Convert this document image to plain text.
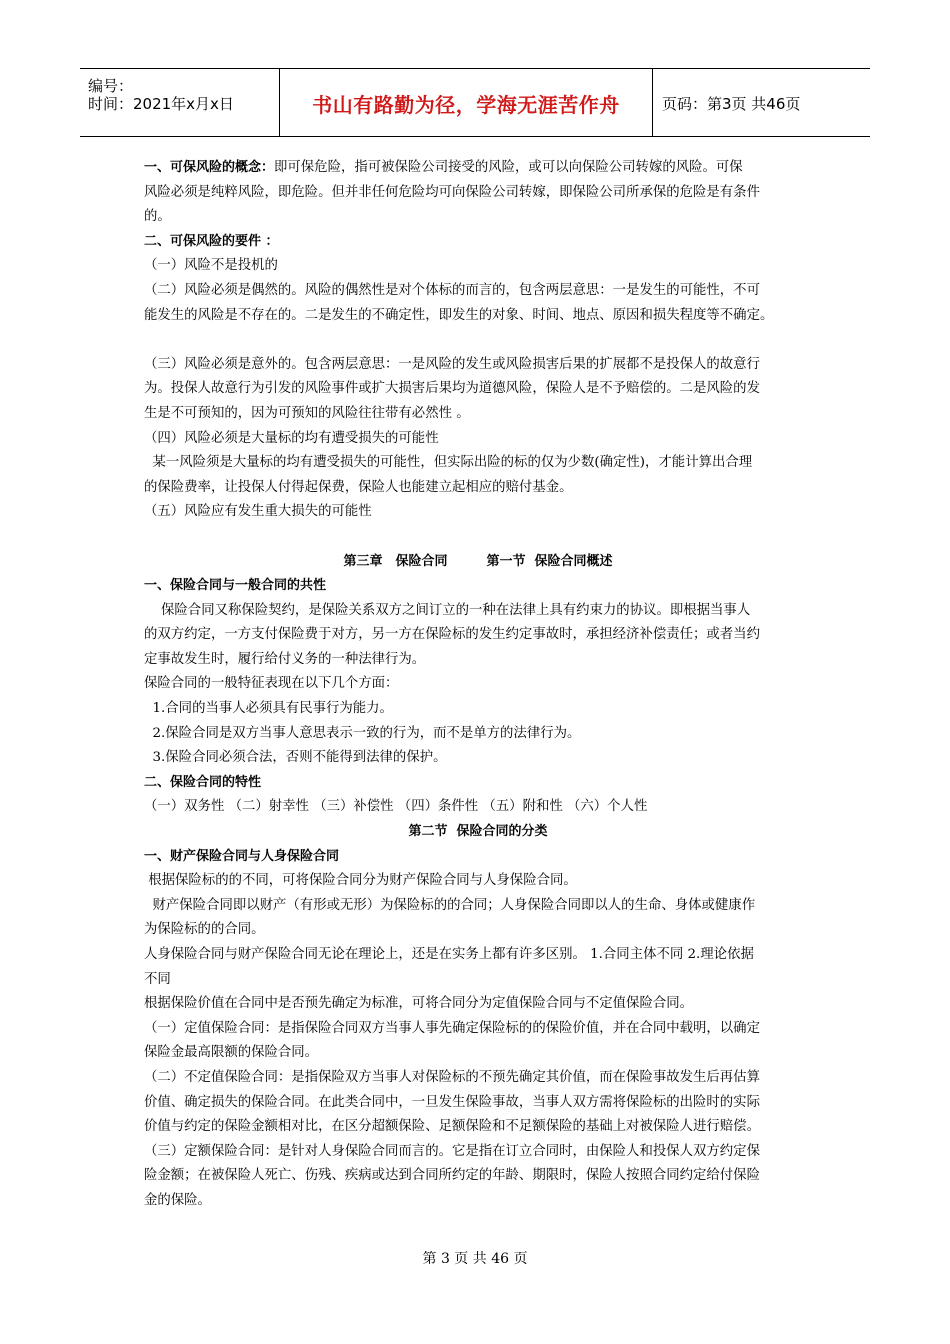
编号：
时间：2021年x月x日	书山有路勤为径，学海无涯苦作舟	页码：第3页 共46页
一、可保风险的概念：即可保危险，指可被保险公司接受的风险，或可以向保险公司转嫁的风险。可保
风险必须是纯粹风险，即危险。但并非任何危险均可向保险公司转嫁，即保险公司所承保的危险是有条件
的。
二、可保风险的要件 ：
（一）风险不是投机的
（二）风险必须是偶然的。风险的偶然性是对个体标的而言的，包含两层意思：一是发生的可能性，不可
能发生的风险是不存在的。二是发生的不确定性，即发生的对象、时间、地点、原因和损失程度等不确定。
（三）风险必须是意外的。包含两层意思：一是风险的发生或风险损害后果的扩展都不是投保人的故意行
为。投保人故意行为引发的风险事件或扩大损害后果均为道德风险，保险人是不予赔偿的。二是风险的发
生是不可预知的，因为可预知的风险往往带有必然性 。
（四）风险必须是大量标的均有遭受损失的可能性
某一风险须是大量标的均有遭受损失的可能性，但实际出险的标的仅为少数(确定性)，才能计算出合理
的保险费率，让投保人付得起保费，保险人也能建立起相应的赔付基金。
（五）风险应有发生重大损失的可能性
第三章　保险合同　　　第一节  保险合同概述
一、保险合同与一般合同的共性
保险合同又称保险契约，是保险关系双方之间订立的一种在法律上具有约束力的协议。即根据当事人
的双方约定，一方支付保险费于对方，另一方在保险标的发生约定事故时，承担经济补偿责任；或者当约
定事故发生时，履行给付义务的一种法律行为。
保险合同的一般特征表现在以下几个方面：
1.合同的当事人必须具有民事行为能力。
2.保险合同是双方当事人意思表示一致的行为，而不是单方的法律行为。
3.保险合同必须合法，否则不能得到法律的保护。
二、保险合同的特性
（一）双务性 （二）射幸性 （三）补偿性 （四）条件性 （五）附和性 （六）个人性
第二节  保险合同的分类
一、财产保险合同与人身保险合同
根据保险标的的不同，可将保险合同分为财产保险合同与人身保险合同。
财产保险合同即以财产（有形或无形）为保险标的的合同；人身保险合同即以人的生命、身体或健康作
为保险标的的合同。
人身保险合同与财产保险合同无论在理论上，还是在实务上都有许多区别。 1.合同主体不同 2.理论依据
不同
根据保险价值在合同中是否预先确定为标准，可将合同分为定值保险合同与不定值保险合同。
（一）定值保险合同：是指保险合同双方当事人事先确定保险标的的保险价值，并在合同中载明，以确定
保险金最高限额的保险合同。
（二）不定值保险合同：是指保险双方当事人对保险标的不预先确定其价值，而在保险事故发生后再估算
价值、确定损失的保险合同。在此类合同中，一旦发生保险事故，当事人双方需将保险标的出险时的实际
价值与约定的保险金额相对比，在区分超额保险、足额保险和不足额保险的基础上对被保险人进行赔偿。
（三）定额保险合同：是针对人身保险合同而言的。它是指在订立合同时，由保险人和投保人双方约定保
险金额；在被保险人死亡、伤残、疾病或达到合同所约定的年龄、期限时，保险人按照合同约定给付保险
金的保险。
第 3 页 共 46 页
